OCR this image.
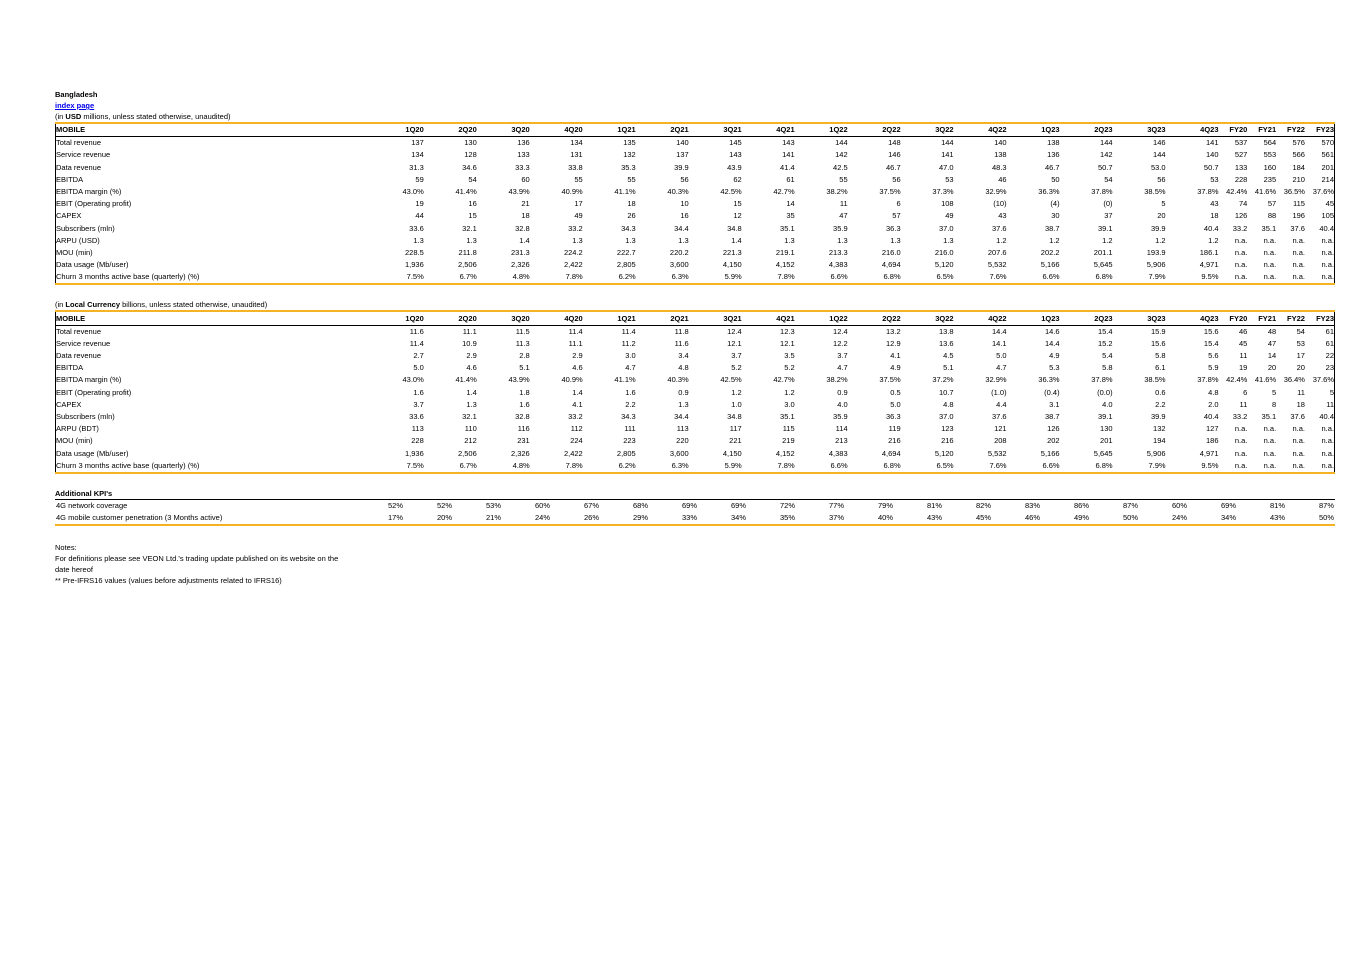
Bangladesh
index page
(in USD millions, unless stated otherwise, unaudited)
MOBILE	1Q20	2Q20	3Q20	4Q20	1Q21	2Q21	3Q21	4Q21	1Q22	2Q22	3Q22	4Q22	1Q23	2Q23	3Q23	4Q23	FY20	FY21	FY22	FY23
Total revenue	137	130	136	134	135	140	145	143	144	148	144	140	138	144	146	141	537	564	576	570
Service revenue	134	128	133	131	132	137	143	141	142	146	141	138	136	142	144	140	527	553	566	561
Data revenue	31.3	34.6	33.3	33.8	35.3	39.9	43.9	41.4	42.5	46.7	47.0	48.3	46.7	50.7	53.0	50.7	133	160	184	201
EBITDA	59	54	60	55	55	56	62	61	55	56	53	46	50	54	56	53	228	235	210	214
EBITDA margin (%)	43.0%	41.4%	43.9%	40.9%	41.1%	40.3%	42.5%	42.7%	38.2%	37.5%	37.3%	32.9%	36.3%	37.8%	38.5%	37.8%	42.4%	41.6%	36.5%	37.6%
EBIT (Operating profit)	19	16	21	17	18	10	15	14	11	6	108	(10)	(4)	(0)	5	43	74	57	115	45
CAPEX	44	15	18	49	26	16	12	35	47	57	49	43	30	37	20	18	126	88	196	105
Subscribers (mln)	33.6	32.1	32.8	33.2	34.3	34.4	34.8	35.1	35.9	36.3	37.0	37.6	38.7	39.1	39.9	40.4	33.2	35.1	37.6	40.4
ARPU (USD)	1.3	1.3	1.4	1.3	1.3	1.3	1.4	1.3	1.3	1.3	1.3	1.2	1.2	1.2	1.2	1.2	n.a.	n.a.	n.a.	n.a.
MOU (min)	228.5	211.8	231.3	224.2	222.7	220.2	221.3	219.1	213.3	216.0	216.0	207.6	202.2	201.1	193.9	186.1	n.a.	n.a.	n.a.	n.a.
Data usage (Mb/user)	1,936	2,506	2,326	2,422	2,805	3,600	4,150	4,152	4,383	4,694	5,120	5,532	5,166	5,645	5,906	4,971	n.a.	n.a.	n.a.	n.a.
Churn 3 months active base (quarterly) (%)	7.5%	6.7%	4.8%	7.8%	6.2%	6.3%	5.9%	7.8%	6.6%	6.8%	6.5%	7.6%	6.6%	6.8%	7.9%	9.5%	n.a.	n.a.	n.a.	n.a.
(in Local Currency billions, unless stated otherwise, unaudited)
MOBILE	1Q20	2Q20	3Q20	4Q20	1Q21	2Q21	3Q21	4Q21	1Q22	2Q22	3Q22	4Q22	1Q23	2Q23	3Q23	4Q23	FY20	FY21	FY22	FY23
Total revenue	11.6	11.1	11.5	11.4	11.4	11.8	12.4	12.3	12.4	13.2	13.8	14.4	14.6	15.4	15.9	15.6	46	48	54	61
Service revenue	11.4	10.9	11.3	11.1	11.2	11.6	12.1	12.1	12.2	12.9	13.6	14.1	14.4	15.2	15.6	15.4	45	47	53	61
Data revenue	2.7	2.9	2.8	2.9	3.0	3.4	3.7	3.5	3.7	4.1	4.5	5.0	4.9	5.4	5.8	5.6	11	14	17	22
EBITDA	5.0	4.6	5.1	4.6	4.7	4.8	5.2	5.2	4.7	4.9	5.1	4.7	5.3	5.8	6.1	5.9	19	20	20	23
EBITDA margin (%)	43.0%	41.4%	43.9%	40.9%	41.1%	40.3%	42.5%	42.7%	38.2%	37.5%	37.2%	32.9%	36.3%	37.8%	38.5%	37.8%	42.4%	41.6%	36.4%	37.6%
EBIT (Operating profit)	1.6	1.4	1.8	1.4	1.6	0.9	1.2	1.2	0.9	0.5	10.7	(1.0)	(0.4)	(0.0)	0.6	4.8	6	5	11	5
CAPEX	3.7	1.3	1.6	4.1	2.2	1.3	1.0	3.0	4.0	5.0	4.8	4.4	3.1	4.0	2.2	2.0	11	8	18	11
Subscribers (mln)	33.6	32.1	32.8	33.2	34.3	34.4	34.8	35.1	35.9	36.3	37.0	37.6	38.7	39.1	39.9	40.4	33.2	35.1	37.6	40.4
ARPU (BDT)	113	110	116	112	111	113	117	115	114	119	123	121	126	130	132	127	n.a.	n.a.	n.a.	n.a.
MOU (min)	228	212	231	224	223	220	221	219	213	216	216	208	202	201	194	186	n.a.	n.a.	n.a.	n.a.
Data usage (Mb/user)	1,936	2,506	2,326	2,422	2,805	3,600	4,150	4,152	4,383	4,694	5,120	5,532	5,166	5,645	5,906	4,971	n.a.	n.a.	n.a.	n.a.
Churn 3 months active base (quarterly) (%)	7.5%	6.7%	4.8%	7.8%	6.2%	6.3%	5.9%	7.8%	6.6%	6.8%	6.5%	7.6%	6.6%	6.8%	7.9%	9.5%	n.a.	n.a.	n.a.	n.a.
Additional KPI's
4G network coverage	52%	52%	53%	60%	67%	68%	69%	69%	72%	77%	79%	81%	82%	83%	86%	87%	60%	69%	81%	87%
4G mobile customer penetration (3 Months active)	17%	20%	21%	24%	26%	29%	33%	34%	35%	37%	40%	43%	45%	46%	49%	50%	24%	34%	43%	50%
Notes:
For definitions please see VEON Ltd.'s trading update published on its website on the
date hereof
** Pre-IFRS16 values (values before adjustments related to IFRS16)
